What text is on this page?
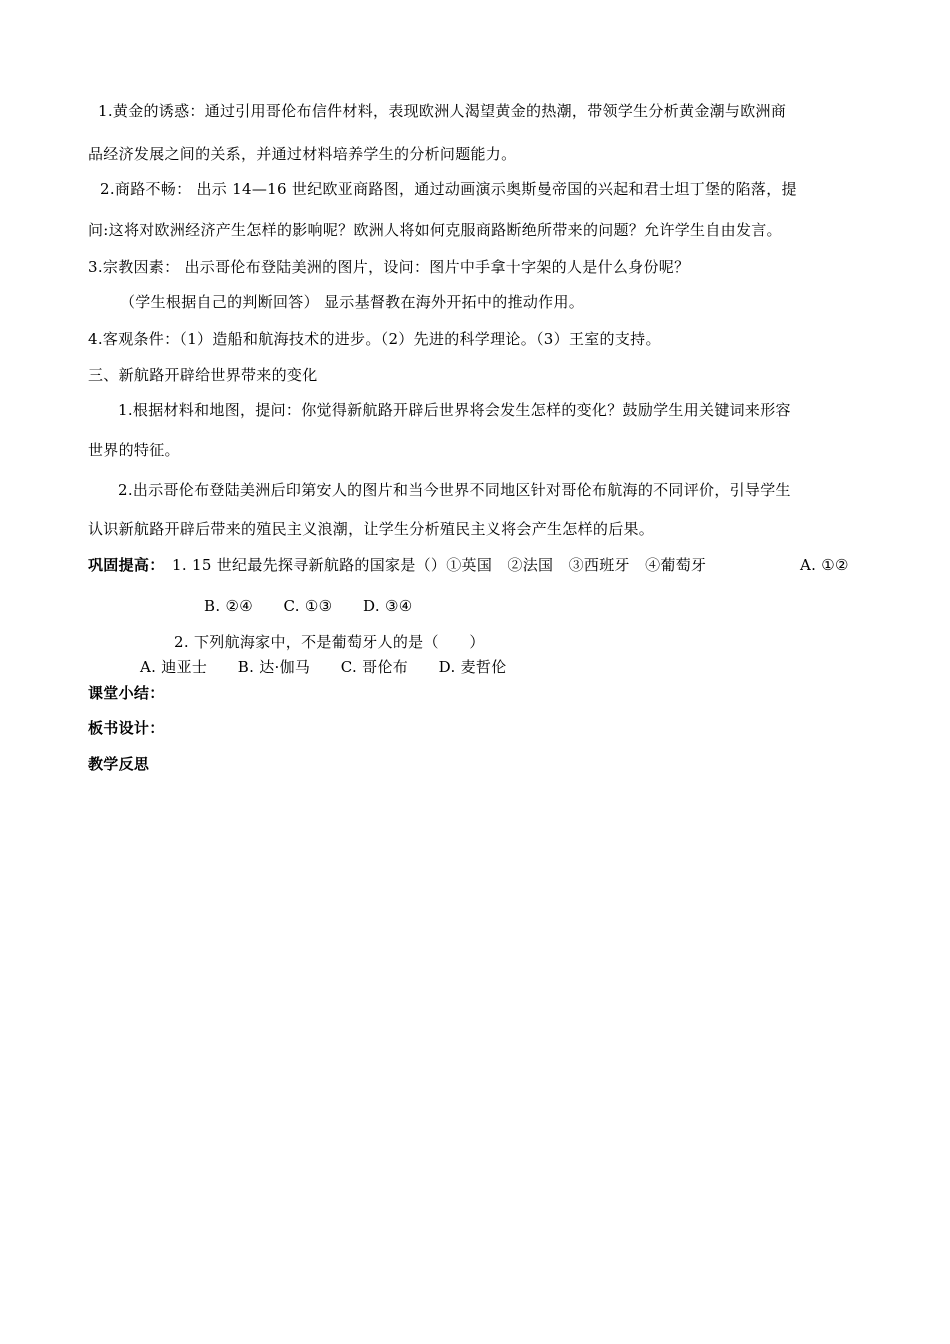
1.黄金的诱惑：通过引用哥伦布信件材料，表现欧洲人渴望黄金的热潮，带领学生分析黄金潮与欧洲商
品经济发展之间的关系，并通过材料培养学生的分析问题能力。
2.商路不畅： 出示 14—16 世纪欧亚商路图，通过动画演示奥斯曼帝国的兴起和君士坦丁堡的陷落，提
问:这将对欧洲经济产生怎样的影响呢？欧洲人将如何克服商路断绝所带来的问题？允许学生自由发言。
3.宗教因素： 出示哥伦布登陆美洲的图片，设问：图片中手拿十字架的人是什么身份呢？
（学生根据自己的判断回答） 显示基督教在海外开拓中的推动作用。
4.客观条件：（1）造船和航海技术的进步。（2）先进的科学理论。（3）王室的支持。
三、新航路开辟给世界带来的变化
1.根据材料和地图，提问：你觉得新航路开辟后世界将会发生怎样的变化？鼓励学生用关键词来形容
世界的特征。
2.出示哥伦布登陆美洲后印第安人的图片和当今世界不同地区针对哥伦布航海的不同评价，引导学生
认识新航路开辟后带来的殖民主义浪潮，让学生分析殖民主义将会产生怎样的后果。
巩固提高： 1. 15 世纪最先探寻新航路的国家是（）①英国　②法国　③西班牙　④葡萄牙	A. ①②
B. ②④　　C. ①③　　D. ③④
2. 下列航海家中，不是葡萄牙人的是（　　）
A. 迪亚士　　B. 达·伽马　　C. 哥伦布　　D. 麦哲伦
课堂小结：
板书设计：
教学反思
